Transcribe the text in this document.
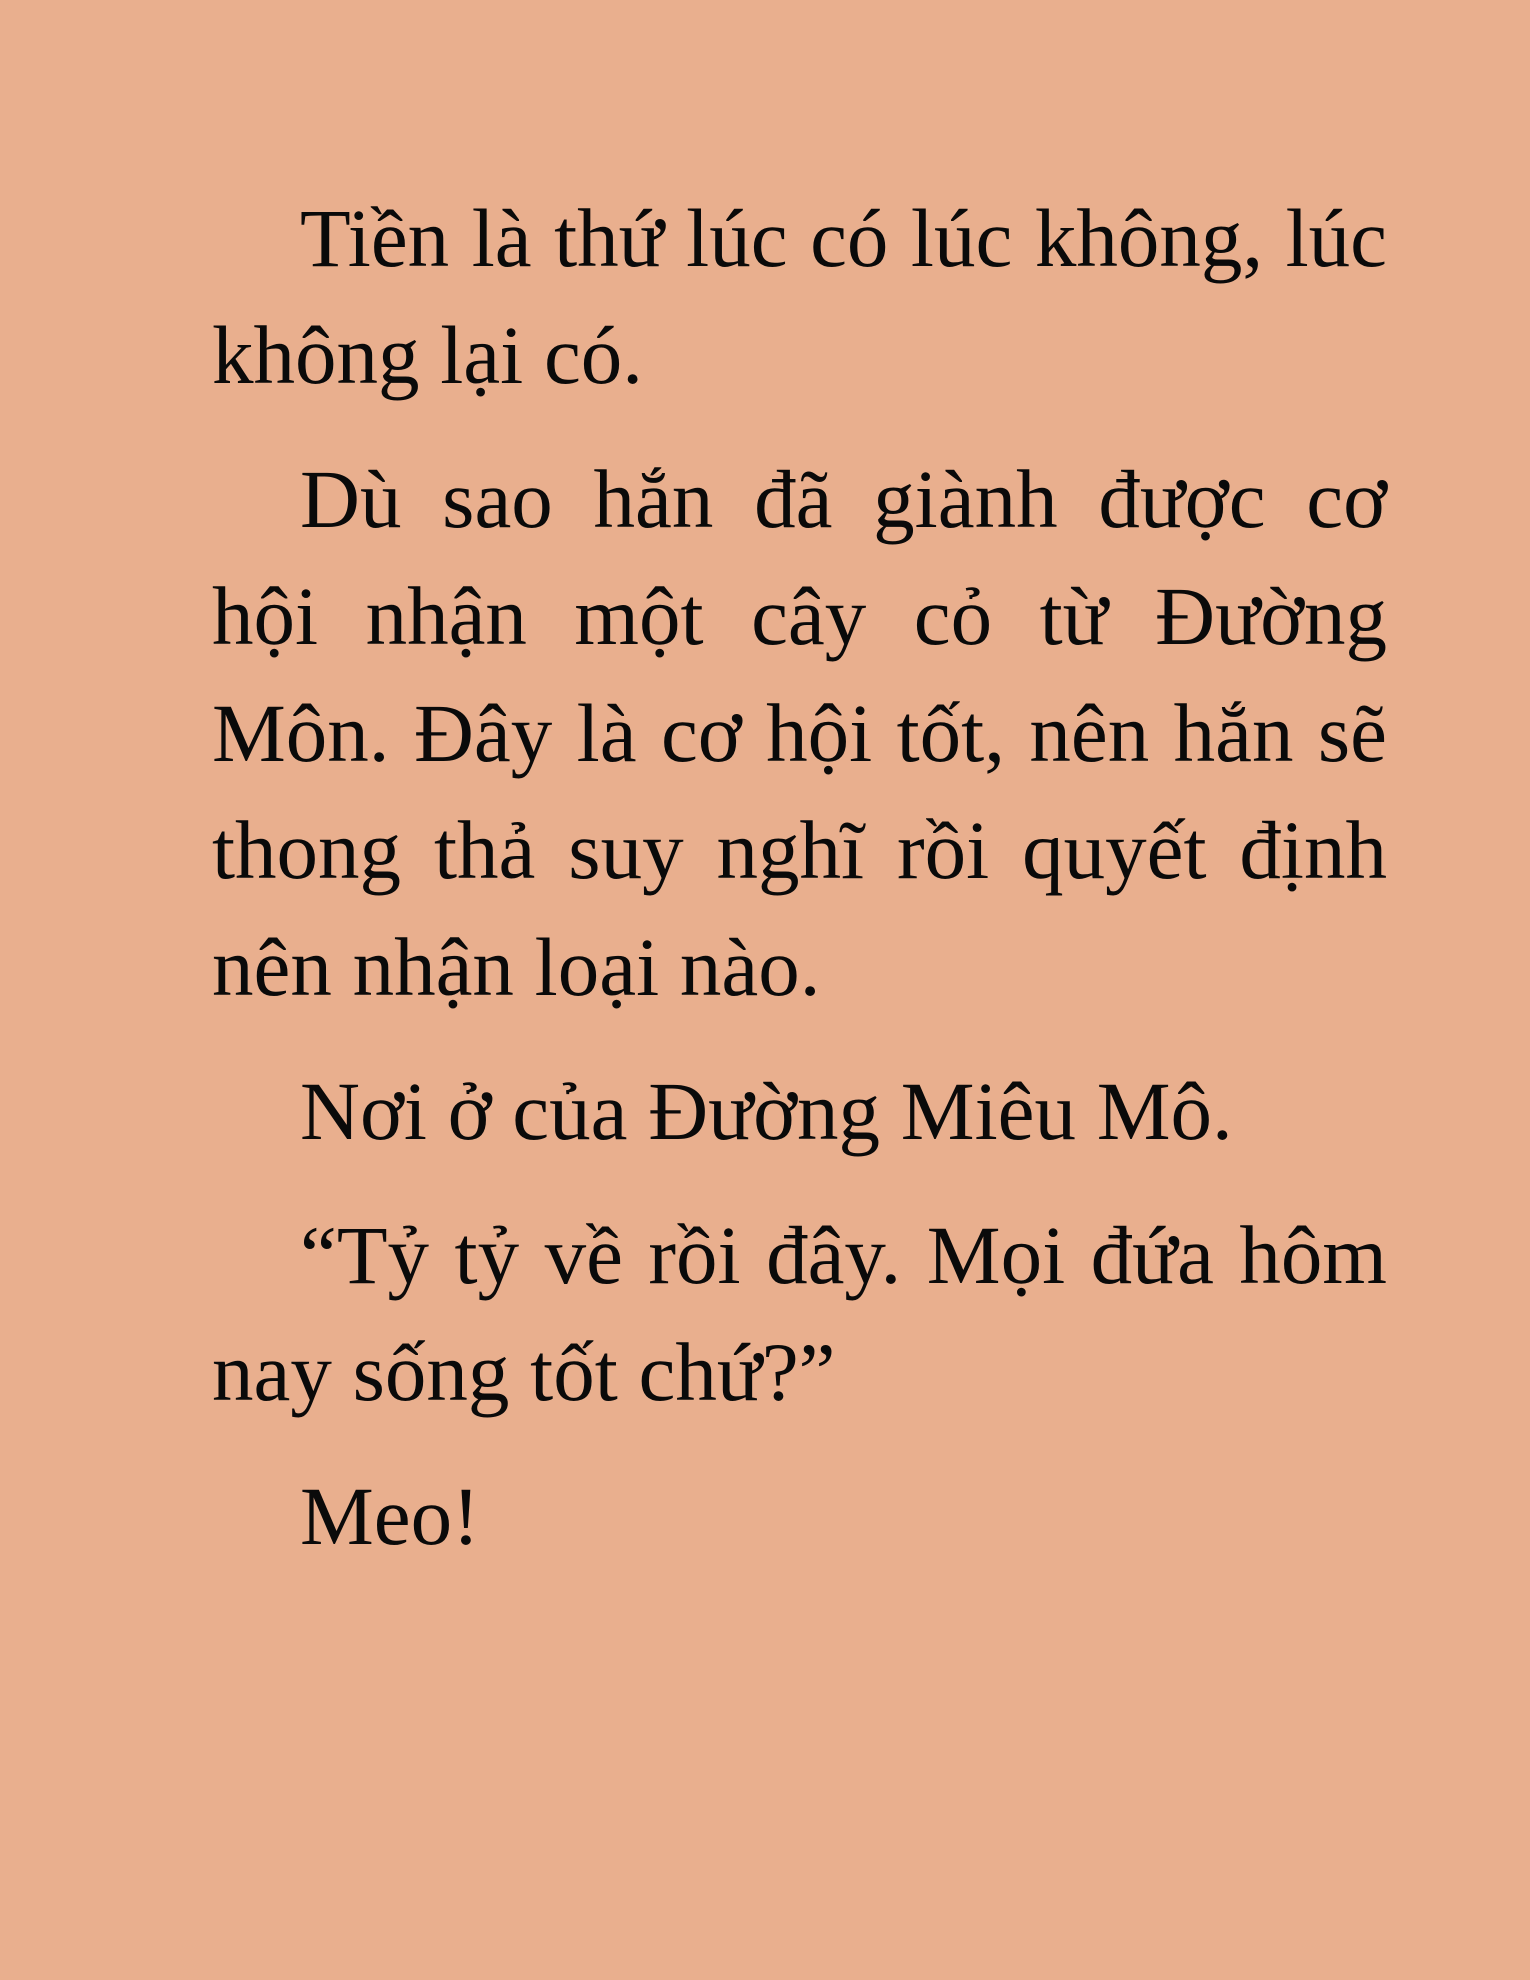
Tiền là thứ lúc có lúc không, lúc không lại có.

Dù sao hắn đã giành được cơ hội nhận một cây cỏ từ Đường Môn. Đây là cơ hội tốt, nên hắn sẽ thong thả suy nghĩ rồi quyết định nên nhận loại nào.

Nơi ở của Đường Miêu Mô.

“Tỷ tỷ về rồi đây. Mọi đứa hôm nay sống tốt chứ?”

Meo!
